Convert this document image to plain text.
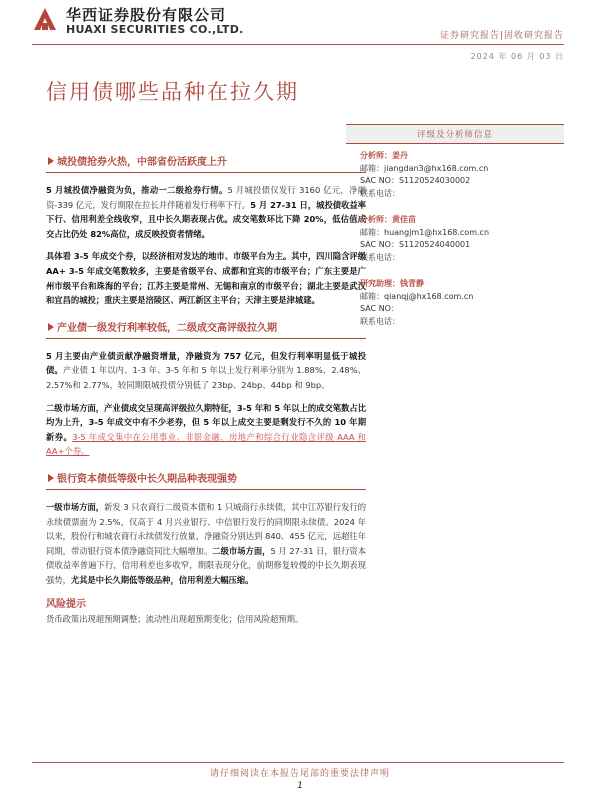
华西证券股份有限公司
HUAXI SECURITIES CO.,LTD.	证券研究报告|固收研究报告
2024 年 06 月 03 日
信用债哪些品种在拉久期
城投债抢券火热，中部省份活跃度上升

5 月城投债净融资为负，推动一二级抢券行情。5 月城投债仅发行 3160 亿元，净融资-339 亿元，发行期限在拉长并伴随着发行利率下行。5 月 27-31 日，城投债收益率下行、信用利差全线收窄，且中长久期表现占优。成交笔数环比下降 20%，低估值成交占比仍处 82%高位，成反映投资者情绪。

具体看 3-5 年成交个券，以经济相对发达的地市、市级平台为主。其中，四川隐含评级 AA+ 3-5 年成交笔数较多，主要是省级平台、成都和宜宾的市级平台；广东主要是广州市级平台和珠海的平台；江苏主要是常州、无锡和南京的市级平台；湖北主要是武汉和宜昌的城投；重庆主要是涪陵区、两江新区主平台；天津主要是津城建。

产业债一级发行利率较低，二级成交高评级拉久期

5 月主要由产业债贡献净融资增量，净融资为 757 亿元，但发行利率明显低于城投债。产业债 1 年以内、1-3 年、3-5 年和 5 年以上发行利率分别为 1.88%、2.48%、2.57%和 2.77%，较同期限城投债分别低了 23bp、24bp、44bp 和 9bp。

二级市场方面，产业债成交呈现高评级拉久期特征，3-5 年和 5 年以上的成交笔数占比均为上升，3-5 年成交中有不少老券，但 5 年以上成交主要是剩发行不久的 10 年期新券。3-5 年成交集中在公用事业、非银金融、房地产和综合行业隐含评级 AAA 和 AA+个券。

银行资本债低等级中长久期品种表现强势

一级市场方面，新发 3 只农商行二级资本债和 1 只城商行永续债，其中江苏银行发行的永续债票面为 2.5%，仅高于 4 月兴业银行、中信银行发行的同期限永续债。2024 年以来，股份行和城农商行永续债发行放量，净融资分别达到 840、455 亿元，远超往年同期，带动银行资本债净融资同比大幅增加。二级市场方面，5 月 27-31 日，银行资本债收益率普遍下行，信用利差也多收窄，期限表现分化，前期修复较慢的中长久期表现强势，尤其是中长久期低等级品种，信用利差大幅压缩。

风险提示

货币政策出现超预期调整；流动性出现超预期变化；信用风险超预期。

评级及分析师信息
分析师：姜丹
邮箱：jiangdan3@hx168.com.cn
SAC NO：S1120524030002
联系电话：
分析师：黄佳苗
邮箱：huangjm1@hx168.com.cn
SAC NO：S1120524040001
联系电话：
研究助理：钱青静
邮箱：qianqj@hx168.com.cn
SAC NO：
联系电话：
请仔细阅读在本报告尾部的重要法律声明
1
